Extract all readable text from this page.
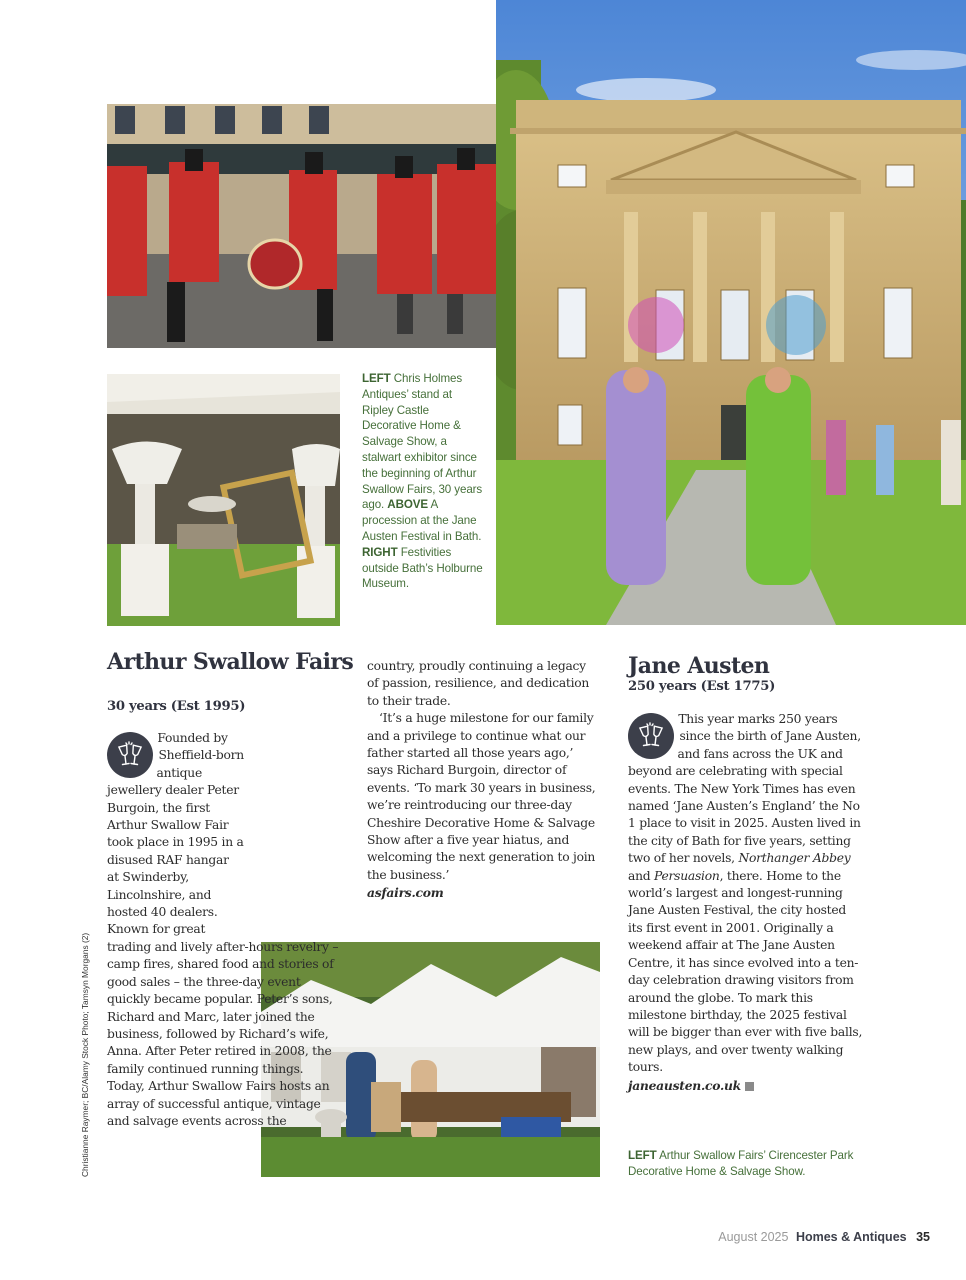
LEFT Chris Holmes Antiques’ stand at Ripley Castle Decorative Home & Salvage Show, a stalwart exhibitor since the beginning of Arthur Swallow Fairs, 30 years ago. ABOVE A procession at the Jane Austen Festival in Bath. RIGHT Festivities outside Bath’s Holburne Museum.
Christianne Raymer; BC/Alamy Stock Photo; Tamsyn Morgans (2)
Arthur Swallow Fairs
30 years (Est 1995)

Founded by Sheffield-born antique jewellery dealer Peter Burgoin, the first Arthur Swallow Fair took place in 1995 in a disused RAF hangar at Swinderby, Lincolnshire, and hosted 40 dealers. Known for great trading and lively after-hours revelry – camp fires, shared food and stories of good sales – the three-day event quickly became popular. Peter’s sons, Richard and Marc, later joined the business, followed by Richard’s wife, Anna. After Peter retired in 2008, the family continued running things. Today, Arthur Swallow Fairs hosts an array of successful antique, vintage and salvage events across the

country, proudly continuing a legacy of passion, resilience, and dedication to their trade.

‘It’s a huge milestone for our family and a privilege to continue what our father started all those years ago,’ says Richard Burgoin, director of events. ‘To mark 30 years in business, we’re reintroducing our three-day Cheshire Decorative Home & Salvage Show after a five year hiatus, and welcoming the next generation to join the business.’

asfairs.com

Jane Austen
250 years (Est 1775)

This year marks 250 years since the birth of Jane Austen, and fans across the UK and beyond are celebrating with special events. The New York Times has even named ‘Jane Austen’s England’ the No 1 place to visit in 2025. Austen lived in the city of Bath for five years, setting two of her novels, Northanger Abbey and Persuasion, there. Home to the world’s largest and longest-running Jane Austen Festival, the city hosted its first event in 2001. Originally a weekend affair at The Jane Austen Centre, it has since evolved into a ten-day celebration drawing visitors from around the globe. To mark this milestone birthday, the 2025 festival will be bigger than ever with five balls, new plays, and over twenty walking tours.

janeausten.co.uk

LEFT Arthur Swallow Fairs’ Cirencester Park Decorative Home & Salvage Show.
August 2025 Homes & Antiques 35
